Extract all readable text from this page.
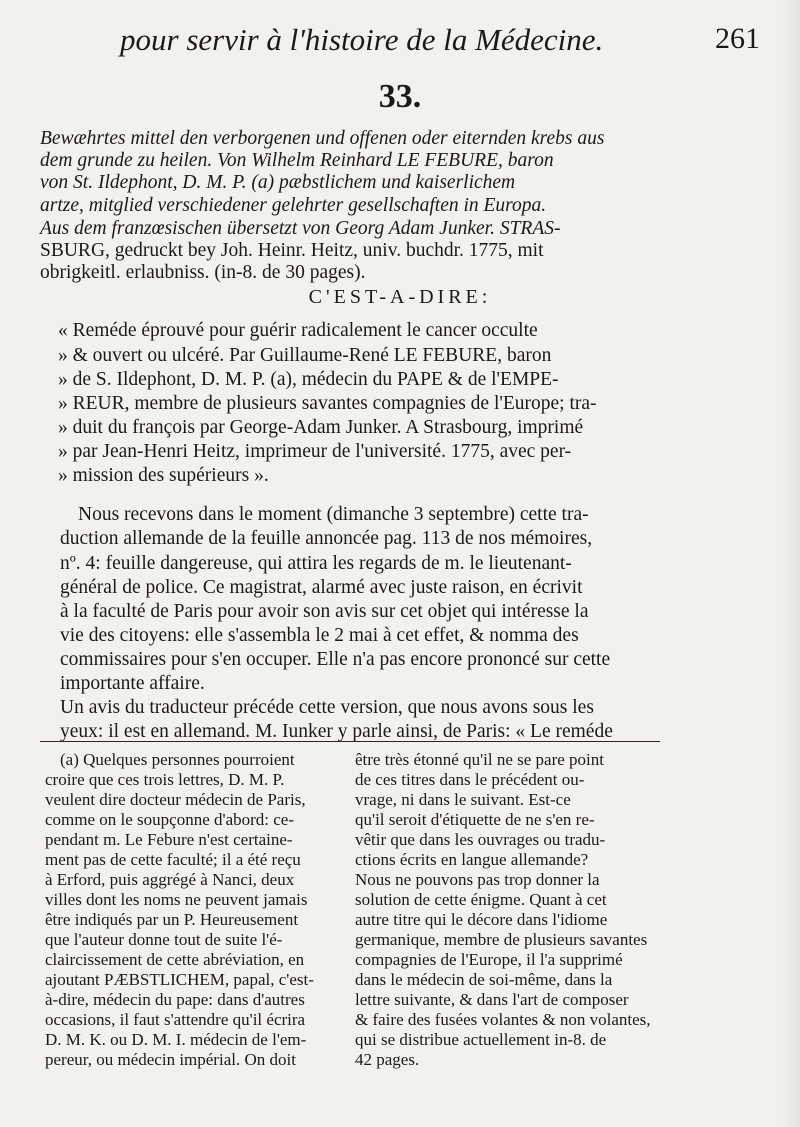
pour servir à l'histoire de la Médecine.	261
33.
Bewæhrtes mittel den verborgenen und offenen oder eiternden krebs aus
dem grunde zu heilen. Von Wilhelm Reinhard LE FEBURE, baron
von St. Ildephont, D. M. P. (a) pæbstlichem und kaiserlichem
artze, mitglied verschiedener gelehrter gesellschaften in Europa.
Aus dem franzœsischen übersetzt von Georg Adam Junker. STRAS-
SBURG, gedruckt bey Joh. Heinr. Heitz, univ. buchdr. 1775, mit
obrigkeitl. erlaubniss. (in-8. de 30 pages).
C'EST-A-DIRE:
« Reméde éprouvé pour guérir radicalement le cancer occulte
» & ouvert ou ulcéré. Par Guillaume-René LE FEBURE, baron
» de S. Ildephont, D. M. P. (a), médecin du PAPE & de l'EMPE-
» REUR, membre de plusieurs savantes compagnies de l'Europe; tra-
» duit du françois par George-Adam Junker. A Strasbourg, imprimé
» par Jean-Henri Heitz, imprimeur de l'université. 1775, avec per-
» mission des supérieurs ».
Nous recevons dans le moment (dimanche 3 septembre) cette tra-
duction allemande de la feuille annoncée pag. 113 de nos mémoires,
nº. 4: feuille dangereuse, qui attira les regards de m. le lieutenant-
général de police. Ce magistrat, alarmé avec juste raison, en écrivit
à la faculté de Paris pour avoir son avis sur cet objet qui intéresse la
vie des citoyens: elle s'assembla le 2 mai à cet effet, & nomma des
commissaires pour s'en occuper. Elle n'a pas encore prononcé sur cette
importante affaire.
Un avis du traducteur précéde cette version, que nous avons sous les
yeux: il est en allemand. M. Iunker y parle ainsi, de Paris: « Le reméde
(a) Quelques personnes pourroient
croire que ces trois lettres, D. M. P.
veulent dire docteur médecin de Paris,
comme on le soupçonne d'abord: ce-
pendant m. Le Febure n'est certaine-
ment pas de cette faculté; il a été reçu
à Erford, puis aggrégé à Nanci, deux
villes dont les noms ne peuvent jamais
être indiqués par un P. Heureusement
que l'auteur donne tout de suite l'é-
claircissement de cette abréviation, en
ajoutant PÆBSTLICHEM, papal, c'est-
à-dire, médecin du pape: dans d'autres
occasions, il faut s'attendre qu'il écrira
D. M. K. ou D. M. I. médecin de l'em-
pereur, ou médecin impérial. On doit
être très étonné qu'il ne se pare point
de ces titres dans le précédent ou-
vrage, ni dans le suivant. Est-ce
qu'il seroit d'étiquette de ne s'en re-
vêtir que dans les ouvrages ou tradu-
ctions écrits en langue allemande?
Nous ne pouvons pas trop donner la
solution de cette énigme. Quant à cet
autre titre qui le décore dans l'idiome
germanique, membre de plusieurs savantes
compagnies de l'Europe, il l'a supprimé
dans le médecin de soi-même, dans la
lettre suivante, & dans l'art de composer
& faire des fusées volantes & non volantes,
qui se distribue actuellement in-8. de
42 pages.
